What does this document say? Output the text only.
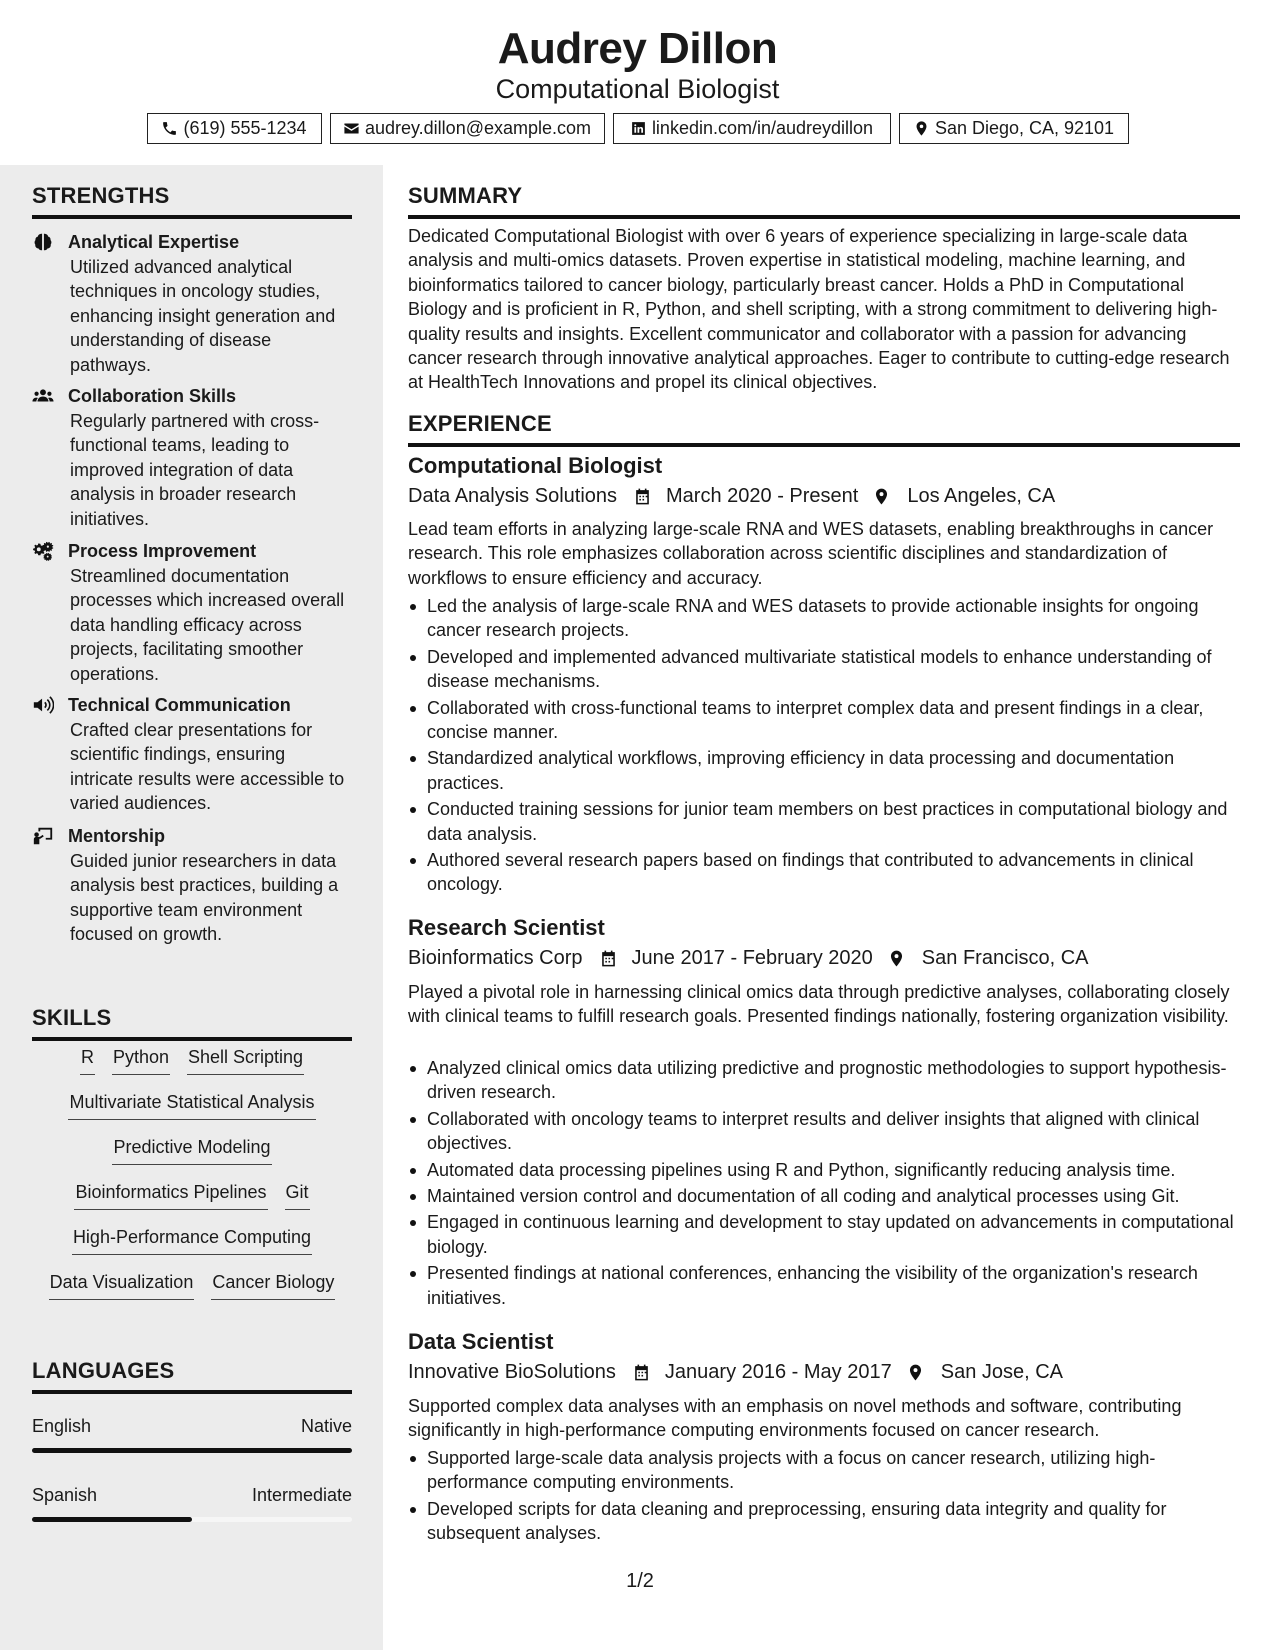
Audrey Dillon
Computational Biologist
(619) 555-1234	audrey.dillon@example.com	linkedin.com/in/audreydillon	San Diego, CA, 92101
STRENGTHS
Analytical Expertise
Utilized advanced analytical techniques in oncology studies, enhancing insight generation and understanding of disease pathways.
Collaboration Skills
Regularly partnered with cross-functional teams, leading to improved integration of data analysis in broader research initiatives.
Process Improvement
Streamlined documentation processes which increased overall data handling efficacy across projects, facilitating smoother operations.
Technical Communication
Crafted clear presentations for scientific findings, ensuring intricate results were accessible to varied audiences.
Mentorship
Guided junior researchers in data analysis best practices, building a supportive team environment focused on growth.
SKILLS
R Python Shell Scripting
Multivariate Statistical Analysis
Predictive Modeling
Bioinformatics Pipelines Git
High-Performance Computing
Data Visualization Cancer Biology
LANGUAGES
English	Native
Spanish	Intermediate
SUMMARY
Dedicated Computational Biologist with over 6 years of experience specializing in large-scale data analysis and multi-omics datasets. Proven expertise in statistical modeling, machine learning, and bioinformatics tailored to cancer biology, particularly breast cancer. Holds a PhD in Computational Biology and is proficient in R, Python, and shell scripting, with a strong commitment to delivering high-quality results and insights. Excellent communicator and collaborator with a passion for advancing cancer research through innovative analytical approaches. Eager to contribute to cutting-edge research at HealthTech Innovations and propel its clinical objectives.
EXPERIENCE
Computational Biologist
Data Analysis Solutions March 2020 - Present Los Angeles, CA
Lead team efforts in analyzing large-scale RNA and WES datasets, enabling breakthroughs in cancer research. This role emphasizes collaboration across scientific disciplines and standardization of workflows to ensure efficiency and accuracy.
Led the analysis of large-scale RNA and WES datasets to provide actionable insights for ongoing cancer research projects.
Developed and implemented advanced multivariate statistical models to enhance understanding of disease mechanisms.
Collaborated with cross-functional teams to interpret complex data and present findings in a clear, concise manner.
Standardized analytical workflows, improving efficiency in data processing and documentation practices.
Conducted training sessions for junior team members on best practices in computational biology and data analysis.
Authored several research papers based on findings that contributed to advancements in clinical oncology.
Research Scientist
Bioinformatics Corp June 2017 - February 2020 San Francisco, CA
Played a pivotal role in harnessing clinical omics data through predictive analyses, collaborating closely with clinical teams to fulfill research goals. Presented findings nationally, fostering organization visibility.
Analyzed clinical omics data utilizing predictive and prognostic methodologies to support hypothesis-driven research.
Collaborated with oncology teams to interpret results and deliver insights that aligned with clinical objectives.
Automated data processing pipelines using R and Python, significantly reducing analysis time.
Maintained version control and documentation of all coding and analytical processes using Git.
Engaged in continuous learning and development to stay updated on advancements in computational biology.
Presented findings at national conferences, enhancing the visibility of the organization's research initiatives.
Data Scientist
Innovative BioSolutions January 2016 - May 2017 San Jose, CA
Supported complex data analyses with an emphasis on novel methods and software, contributing significantly in high-performance computing environments focused on cancer research.
Supported large-scale data analysis projects with a focus on cancer research, utilizing high-performance computing environments.
Developed scripts for data cleaning and preprocessing, ensuring data integrity and quality for subsequent analyses.
1/2
